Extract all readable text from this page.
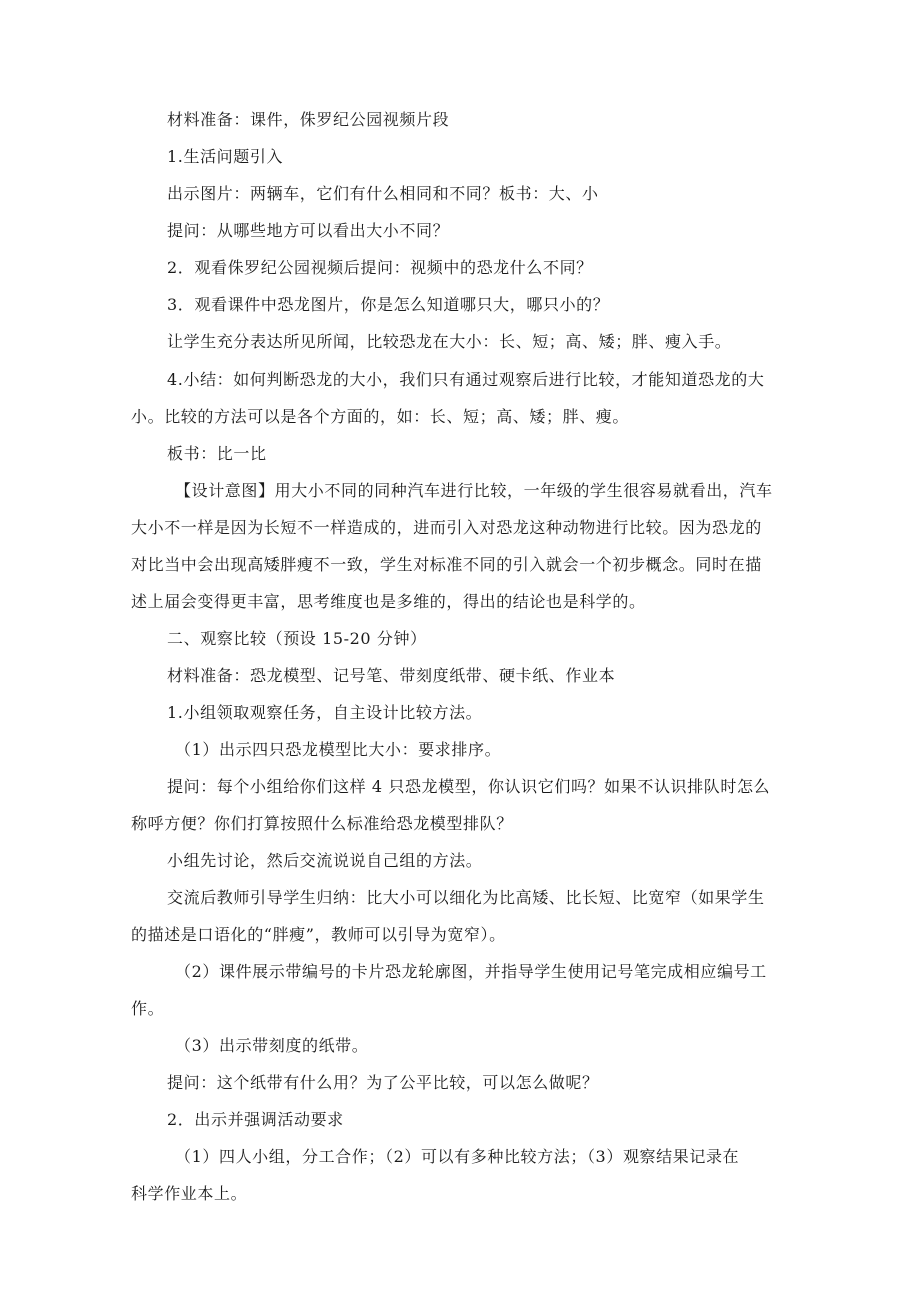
材料准备：课件，侏罗纪公园视频片段
1.生活问题引入
出示图片：两辆车，它们有什么相同和不同？板书：大、小
提问：从哪些地方可以看出大小不同？
2．观看侏罗纪公园视频后提问：视频中的恐龙什么不同？
3．观看课件中恐龙图片，你是怎么知道哪只大，哪只小的？
让学生充分表达所见所闻，比较恐龙在大小：长、短；高、矮；胖、瘦入手。
4.小结：如何判断恐龙的大小，我们只有通过观察后进行比较，才能知道恐龙的大
小。比较的方法可以是各个方面的，如：长、短；高、矮；胖、瘦。
板书：比一比
【设计意图】用大小不同的同种汽车进行比较，一年级的学生很容易就看出，汽车
大小不一样是因为长短不一样造成的，进而引入对恐龙这种动物进行比较。因为恐龙的
对比当中会出现高矮胖瘦不一致，学生对标准不同的引入就会一个初步概念。同时在描
述上届会变得更丰富，思考维度也是多维的，得出的结论也是科学的。
二、观察比较（预设 15-20 分钟）
材料准备：恐龙模型、记号笔、带刻度纸带、硬卡纸、作业本
1.小组领取观察任务，自主设计比较方法。
（1）出示四只恐龙模型比大小：要求排序。
提问：每个小组给你们这样 4 只恐龙模型，你认识它们吗？如果不认识排队时怎么
称呼方便？你们打算按照什么标准给恐龙模型排队？
小组先讨论，然后交流说说自己组的方法。
交流后教师引导学生归纳：比大小可以细化为比高矮、比长短、比宽窄（如果学生
的描述是口语化的“胖瘦”，教师可以引导为宽窄）。
（2）课件展示带编号的卡片恐龙轮廓图，并指导学生使用记号笔完成相应编号工
作。
（3）出示带刻度的纸带。
提问：这个纸带有什么用？为了公平比较，可以怎么做呢？
2．出示并强调活动要求
（1）四人小组，分工合作；（2）可以有多种比较方法；（3）观察结果记录在
科学作业本上。
